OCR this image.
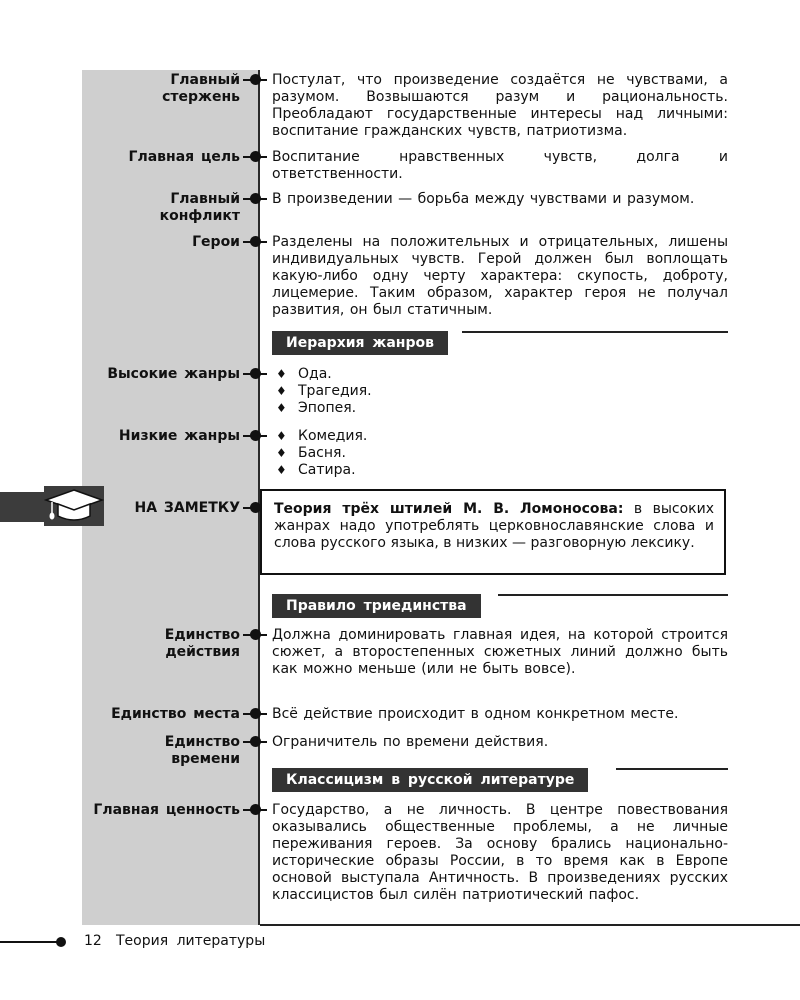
Главный
стержень
Постулат, что произведение создаётся не чувствами, а разумом. Возвышаются разум и рациональность. Преобладают государственные интересы над личными: воспитание гражданских чувств, патриотизма.
Главная цель Воспитание нравственных чувств, долга и ответственности.
Главный
конфликт
В произведении — борьба между чувствами и разумом.
Герои Разделены на положительных и отрицательных, лишены индивидуальных чувств. Герой должен был воплощать какую-либо одну черту характера: скупость, доброту, лицемерие. Таким образом, характер героя не получал развития, он был статичным.
Иерархия жанров
Высокие жанры	♦ Ода.
♦ Трагедия.
♦ Эпопея.
Низкие жанры	♦ Комедия.
♦ Басня.
♦ Сатира.
НА ЗАМЕТКУ Теория трёх штилей М. В. Ломоносова: в высоких жанрах надо употреблять церковнославянские слова и слова русского языка, в низких — разговорную лексику.
Правило триединства
Единство
действия
Должна доминировать главная идея, на которой строится сюжет, а второстепенных сюжетных линий должно быть как можно меньше (или не быть вовсе).
Единство места Всё действие происходит в одном конкретном месте.
Единство
времени
Ограничитель по времени действия.
Классицизм в русской литературе
Главная ценность Государство, а не личность. В центре повествования оказывались общественные проблемы, а не личные переживания героев. За основу брались национально-исторические образы России, в то время как в Европе основой выступала Античность. В произведениях русских классицистов был силён патриотический пафос.
12 Теория литературы
